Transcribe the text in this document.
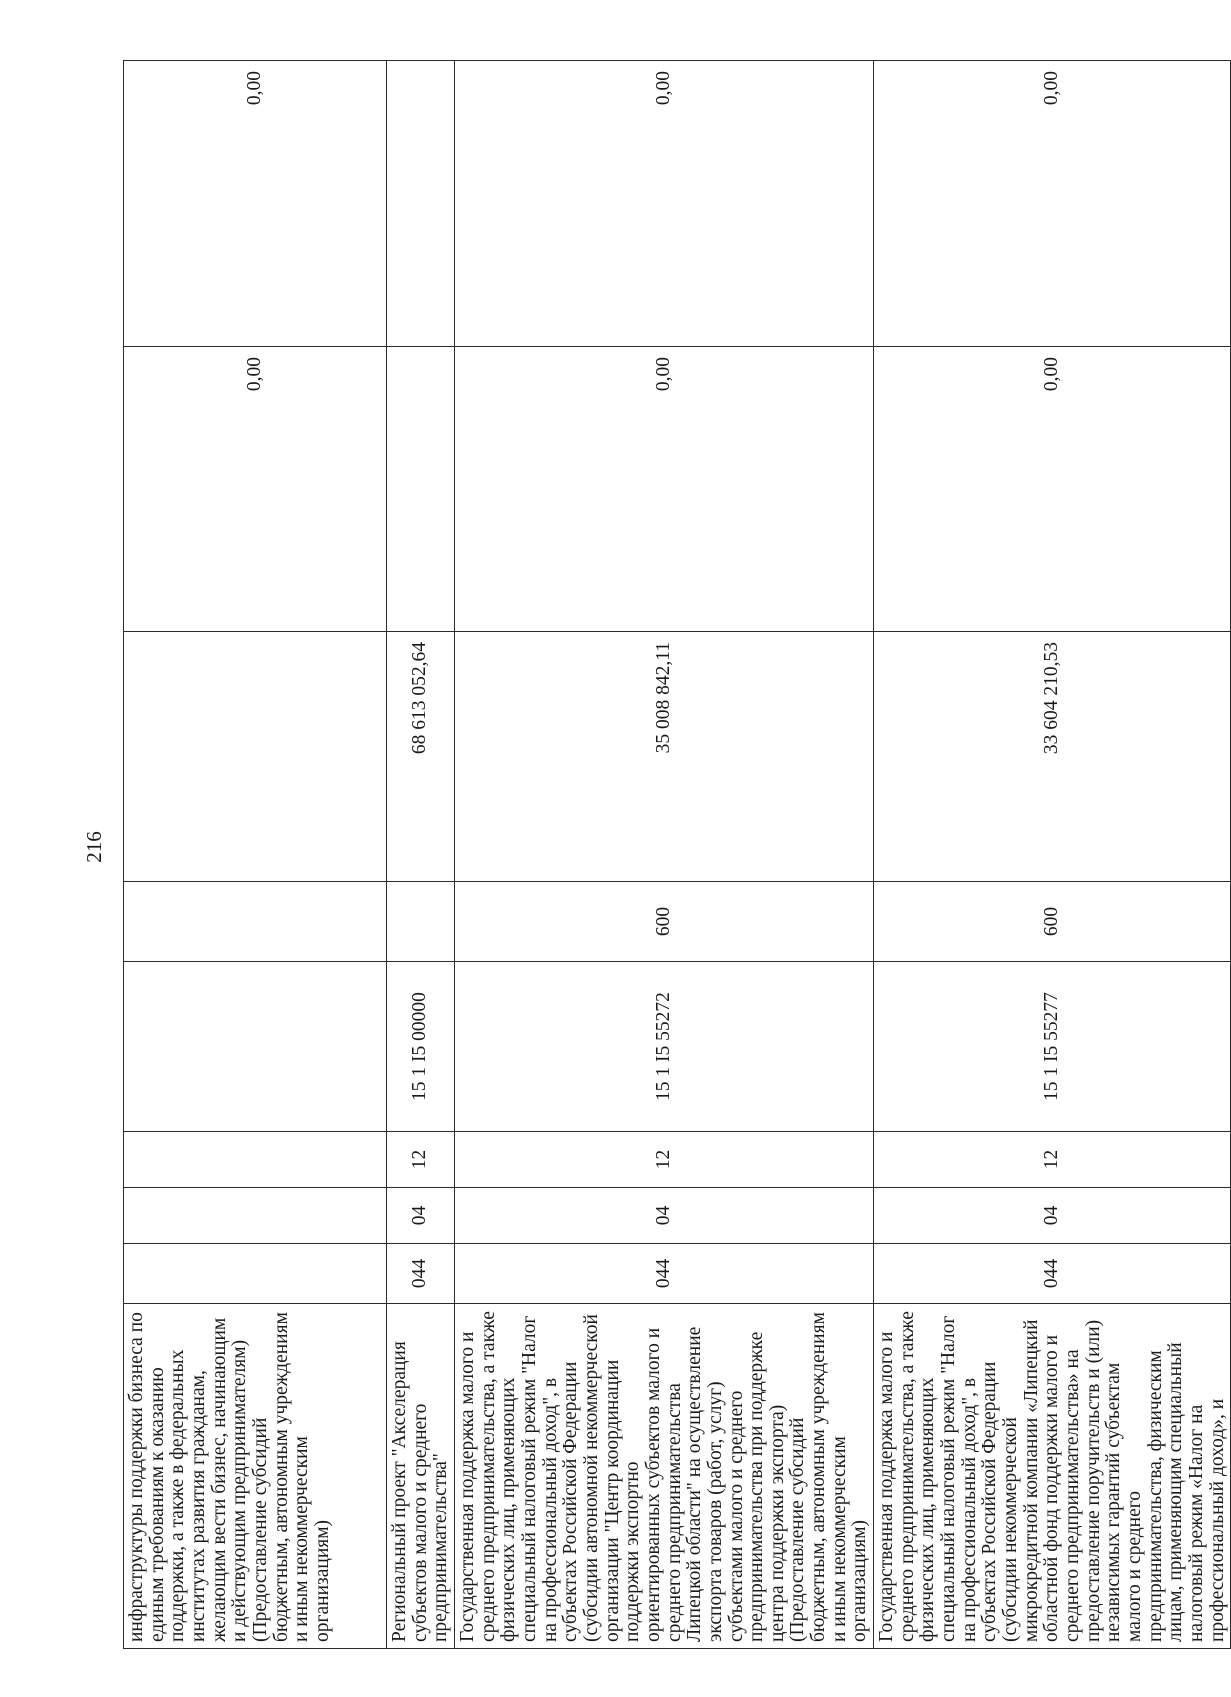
216
инфраструктуры поддержки бизнеса по единым требованиям к оказанию поддержки, а также в федеральных институтах развития гражданам, желающим вести бизнес, начинающим и действующим предпринимателям) (Предоставление субсидий бюджетным, автономным учреждениям и иным некоммерческим организациям)							0,00	0,00
Региональный проект "Акселерация субъектов малого и среднего предпринимательства"	044	04	12	15 1 I5 00000		68 613 052,64		
Государственная поддержка малого и среднего предпринимательства, а также физических лиц, применяющих специальный налоговый режим "Налог на профессиональный доход", в субъектах Российской Федерации (субсидии автономной некоммерческой организации "Центр координации поддержки экспортно ориентированных субъектов малого и среднего предпринимательства Липецкой области" на осуществление экспорта товаров (работ, услуг) субъектами малого и среднего предпринимательства при поддержке центра поддержки экспорта) (Предоставление субсидий бюджетным, автономным учреждениям и иным некоммерческим организациям)	044	04	12	15 1 I5 55272	600	35 008 842,11	0,00	0,00
Государственная поддержка малого и среднего предпринимательства, а также физических лиц, применяющих специальный налоговый режим "Налог на профессиональный доход", в субъектах Российской Федерации (субсидии некоммерческой микрокредитной компании «Липецкий областной фонд поддержки малого и среднего предпринимательства» на предоставление поручительств и (или) независимых гарантий субъектам малого и среднего предпринимательства, физическим лицам, применяющим специальный налоговый режим «Налог на профессиональный доход», и	044	04	12	15 1 I5 55277	600	33 604 210,53	0,00	0,00
